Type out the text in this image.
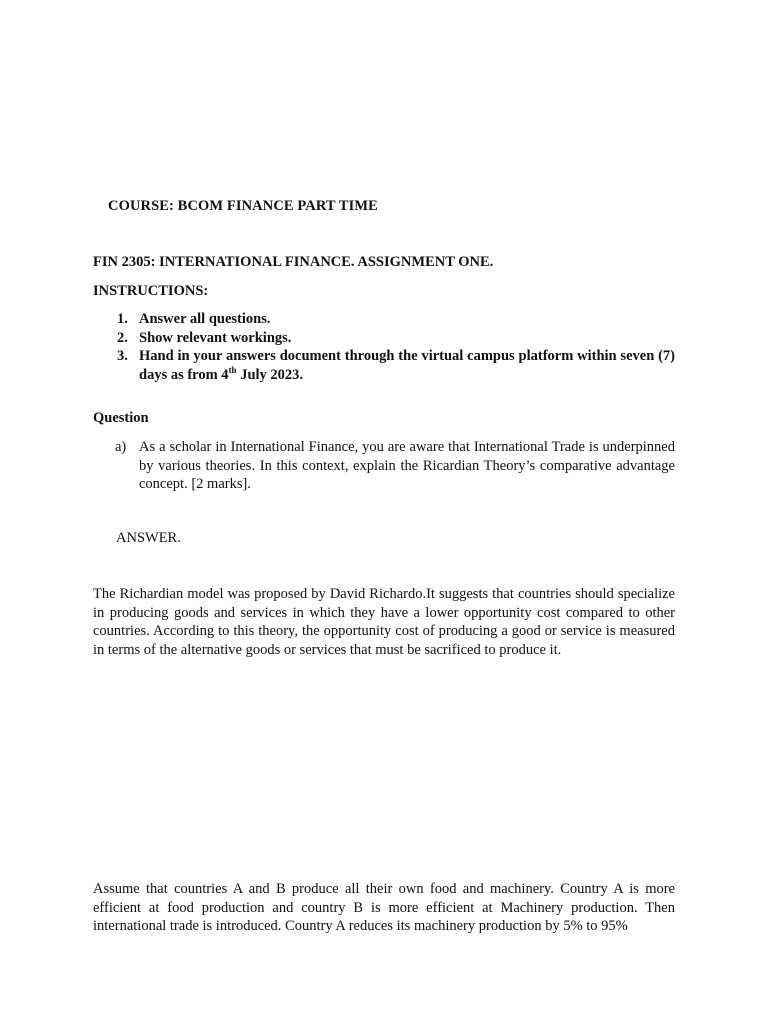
COURSE: BCOM FINANCE PART TIME
FIN 2305: INTERNATIONAL FINANCE. ASSIGNMENT ONE.
INSTRUCTIONS:
1. Answer all questions.
2. Show relevant workings.
3. Hand in your answers document through the virtual campus platform within seven (7) days as from 4th July 2023.
Question
a) As a scholar in International Finance, you are aware that International Trade is underpinned by various theories. In this context, explain the Ricardian Theory’s comparative advantage concept. [2 marks].
ANSWER.

The Richardian model was proposed by David Richardo.It suggests that countries should specialize in producing goods and services in which they have a lower opportunity cost compared to other countries. According to this theory, the opportunity cost of producing a good or service is measured in terms of the alternative goods or services that must be sacrificed to produce it.

Assume that countries A and B produce all their own food and machinery. Country A is more efficient at food production and country B is more efficient at Machinery production. Then international trade is introduced. Country A reduces its machinery production by 5% to 95%
